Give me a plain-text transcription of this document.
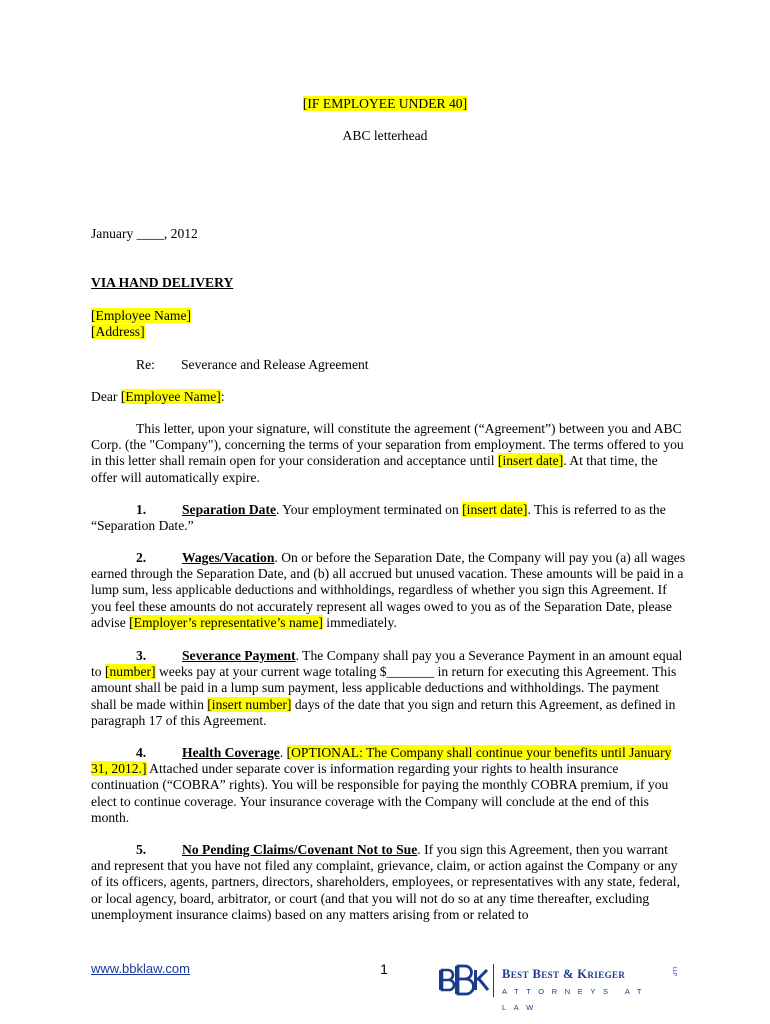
[IF EMPLOYEE UNDER 40]
ABC letterhead
January ____, 2012
VIA HAND DELIVERY

[Employee Name]

[Address]

Re: Severance and Release Agreement
Dear [Employee Name]:

This letter, upon your signature, will constitute the agreement (“Agreement”) between you and ABC Corp. (the "Company"), concerning the terms of your separation from employment. The terms offered to you in this letter shall remain open for your consideration and acceptance until [insert date]. At that time, the offer will automatically expire.

1.	Separation Date. Your employment terminated on [insert date]. This is referred to as the “Separation Date.”

2.	Wages/Vacation. On or before the Separation Date, the Company will pay you (a) all wages earned through the Separation Date, and (b) all accrued but unused vacation. These amounts will be paid in a lump sum, less applicable deductions and withholdings, regardless of whether you sign this Agreement. If you feel these amounts do not accurately represent all wages owed to you as of the Separation Date, please advise [Employer’s representative’s name] immediately.

3.	Severance Payment. The Company shall pay you a Severance Payment in an amount equal to [number] weeks pay at your current wage totaling $_______ in return for executing this Agreement. This amount shall be paid in a lump sum payment, less applicable deductions and withholdings. The payment shall be made within [insert number] days of the date that you sign and return this Agreement, as defined in paragraph 17 of this Agreement.

4.	Health Coverage. [OPTIONAL: The Company shall continue your benefits until January 31, 2012.] Attached under separate cover is information regarding your rights to health insurance continuation (“COBRA” rights). You will be responsible for paying the monthly COBRA premium, if you elect to continue coverage. Your insurance coverage with the Company will conclude at the end of this month.

5.	No Pending Claims/Covenant Not to Sue. If you sign this Agreement, then you warrant and represent that you have not filed any complaint, grievance, claim, or action against the Company or any of its officers, agents, partners, directors, shareholders, employees, or representatives with any state, federal, or local agency, board, arbitrator, or court (and that you will not do so at any time thereafter, excluding unemployment insurance claims) based on any matters arising from or related to

www.bbklaw.com	1	Best Best & Krieger	LLP
ATTORNEYS AT LAW
